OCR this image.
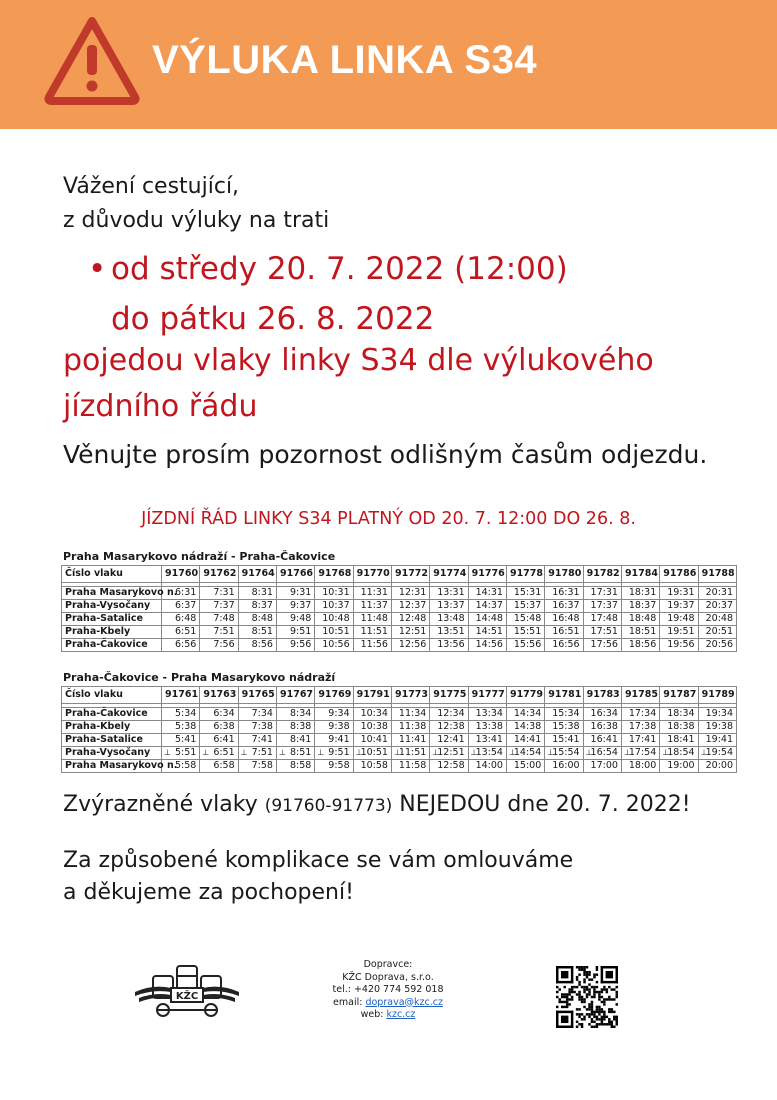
VÝLUKA LINKA S34
Vážení cestující,
z důvodu výluky na trati
• od středy 20. 7. 2022 (12:00)
do pátku 26. 8. 2022
pojedou vlaky linky S34 dle výlukového jízdního řádu
Věnujte prosím pozornost odlišným časům odjezdu.
JÍZDNÍ ŘÁD LINKY S34 PLATNÝ OD 20. 7. 12:00 DO 26. 8.
Praha Masarykovo nádraží - Praha-Čakovice
Číslo vlaku	91760	91762	91764	91766	91768	91770	91772	91774	91776	91778	91780	91782	91784	91786	91788

Praha Masarykovo n.	6:31	7:31	8:31	9:31	10:31	11:31	12:31	13:31	14:31	15:31	16:31	17:31	18:31	19:31	20:31
Praha-Vysočany	6:37	7:37	8:37	9:37	10:37	11:37	12:37	13:37	14:37	15:37	16:37	17:37	18:37	19:37	20:37
Praha-Satalice	6:48	7:48	8:48	9:48	10:48	11:48	12:48	13:48	14:48	15:48	16:48	17:48	18:48	19:48	20:48
Praha-Kbely	6:51	7:51	8:51	9:51	10:51	11:51	12:51	13:51	14:51	15:51	16:51	17:51	18:51	19:51	20:51
Praha-Čakovice	6:56	7:56	8:56	9:56	10:56	11:56	12:56	13:56	14:56	15:56	16:56	17:56	18:56	19:56	20:56
Praha-Čakovice - Praha Masarykovo nádraží
Číslo vlaku	91761	91763	91765	91767	91769	91791	91773	91775	91777	91779	91781	91783	91785	91787	91789

Praha-Čakovice	5:34	6:34	7:34	8:34	9:34	10:34	11:34	12:34	13:34	14:34	15:34	16:34	17:34	18:34	19:34
Praha-Kbely	5:38	6:38	7:38	8:38	9:38	10:38	11:38	12:38	13:38	14:38	15:38	16:38	17:38	18:38	19:38
Praha-Satalice	5:41	6:41	7:41	8:41	9:41	10:41	11:41	12:41	13:41	14:41	15:41	16:41	17:41	18:41	19:41
Praha-Vysočany	⊥ 5:51	⊥ 6:51	⊥ 7:51	⊥ 8:51	⊥ 9:51	⊥ 10:51	⊥ 11:51	⊥ 12:51	⊥ 13:54	⊥ 14:54	⊥ 15:54	⊥ 16:54	⊥ 17:54	⊥ 18:54	⊥ 19:54
Praha Masarykovo n.	5:58	6:58	7:58	8:58	9:58	10:58	11:58	12:58	14:00	15:00	16:00	17:00	18:00	19:00	20:00
Zvýrazněné vlaky (91760-91773) NEJEDOU dne 20. 7. 2022!
Za způsobené komplikace se vám omlouváme
a děkujeme za pochopení!
KŽC
Dopravce:
KŽC Doprava, s.r.o.
tel.: +420 774 592 018
email: doprava@kzc.cz
web: kzc.cz
